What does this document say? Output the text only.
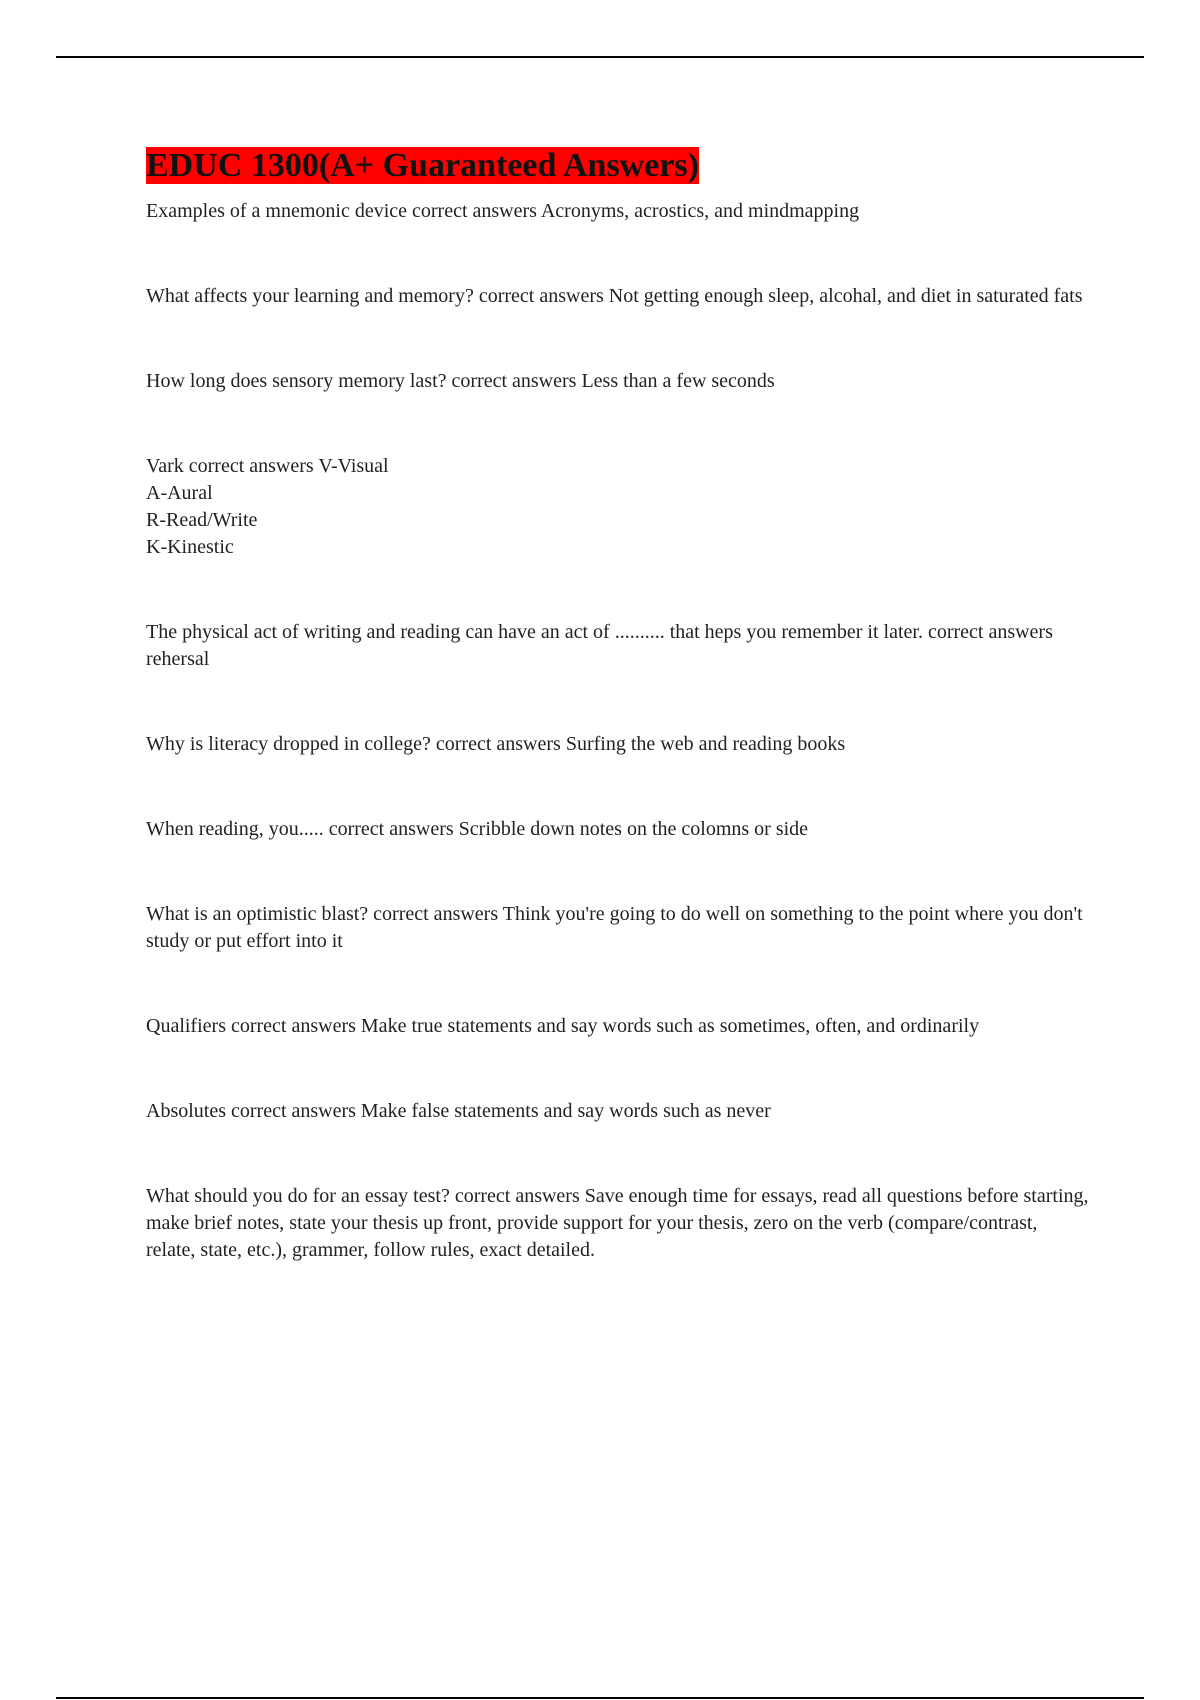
EDUC 1300(A+ Guaranteed Answers)

Examples of a mnemonic device correct answers Acronyms, acrostics, and mindmapping

What affects your learning and memory? correct answers Not getting enough sleep, alcohal, and diet in saturated fats

How long does sensory memory last? correct answers Less than a few seconds

Vark correct answers V-Visual

A-Aural

R-Read/Write

K-Kinestic

The physical act of writing and reading can have an act of .......... that heps you remember it later. correct answers rehersal

Why is literacy dropped in college? correct answers Surfing the web and reading books

When reading, you..... correct answers Scribble down notes on the colomns or side

What is an optimistic blast? correct answers Think you're going to do well on something to the point where you don't study or put effort into it

Qualifiers correct answers Make true statements and say words such as sometimes, often, and ordinarily

Absolutes correct answers Make false statements and say words such as never

What should you do for an essay test? correct answers Save enough time for essays, read all questions before starting, make brief notes, state your thesis up front, provide support for your thesis, zero on the verb (compare/contrast, relate, state, etc.), grammer, follow rules, exact detailed.
